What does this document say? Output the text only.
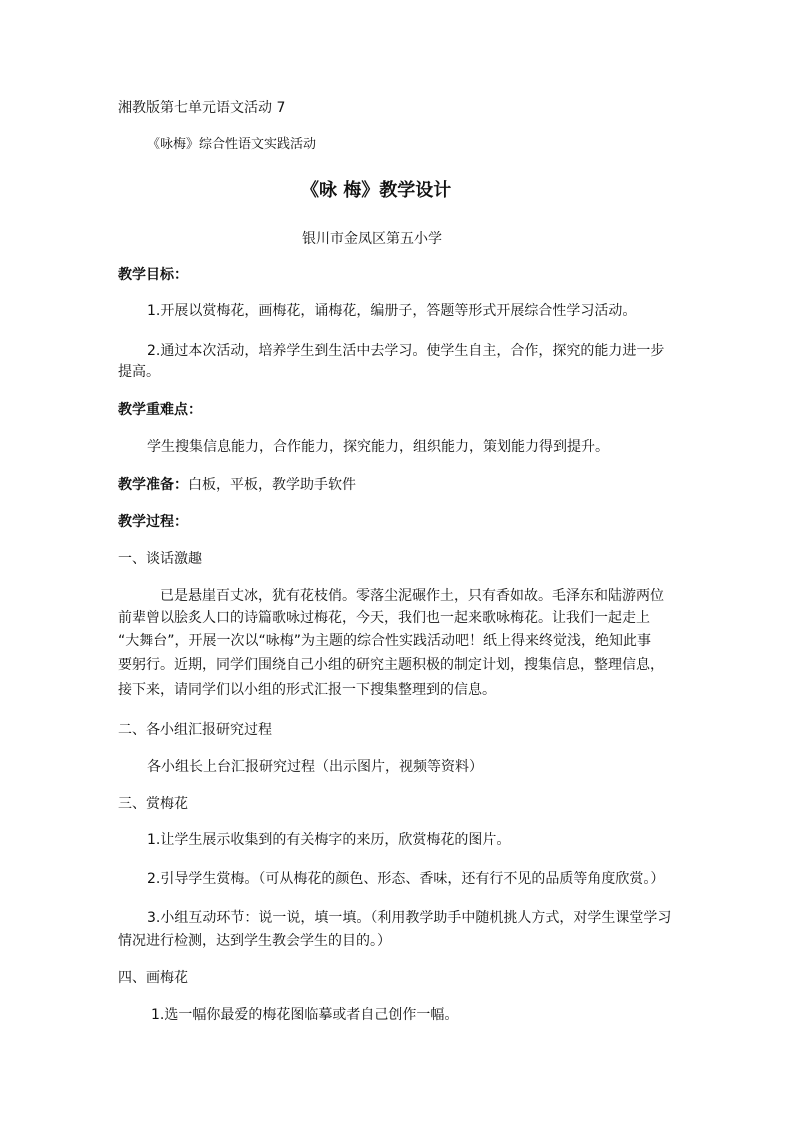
湘教版第七单元语文活动 7
《咏梅》综合性语文实践活动
《咏 梅》教学设计
银川市金凤区第五小学
教学目标：
1.开展以赏梅花，画梅花，诵梅花，编册子，答题等形式开展综合性学习活动。
2.通过本次活动，培养学生到生活中去学习。使学生自主，合作，探究的能力进一步
提高。
教学重难点：
学生搜集信息能力，合作能力，探究能力，组织能力，策划能力得到提升。
教学准备：白板，平板，教学助手软件
教学过程：
一、谈话激趣
已是悬崖百丈冰，犹有花枝俏。零落尘泥碾作土，只有香如故。毛泽东和陆游两位
前辈曾以脍炙人口的诗篇歌咏过梅花，今天，我们也一起来歌咏梅花。让我们一起走上
“大舞台”，开展一次以“咏梅”为主题的综合性实践活动吧！纸上得来终觉浅，绝知此事
要躬行。近期，同学们围绕自己小组的研究主题积极的制定计划，搜集信息，整理信息，
接下来，请同学们以小组的形式汇报一下搜集整理到的信息。
二、各小组汇报研究过程
各小组长上台汇报研究过程（出示图片，视频等资料）
三、赏梅花
1.让学生展示收集到的有关梅字的来历，欣赏梅花的图片。
2.引导学生赏梅。（可从梅花的颜色、形态、香味，还有行不见的品质等角度欣赏。）
3.小组互动环节：说一说，填一填。（利用教学助手中随机挑人方式，对学生课堂学习
情况进行检测，达到学生教会学生的目的。）
四、画梅花
1.选一幅你最爱的梅花图临摹或者自己创作一幅。
